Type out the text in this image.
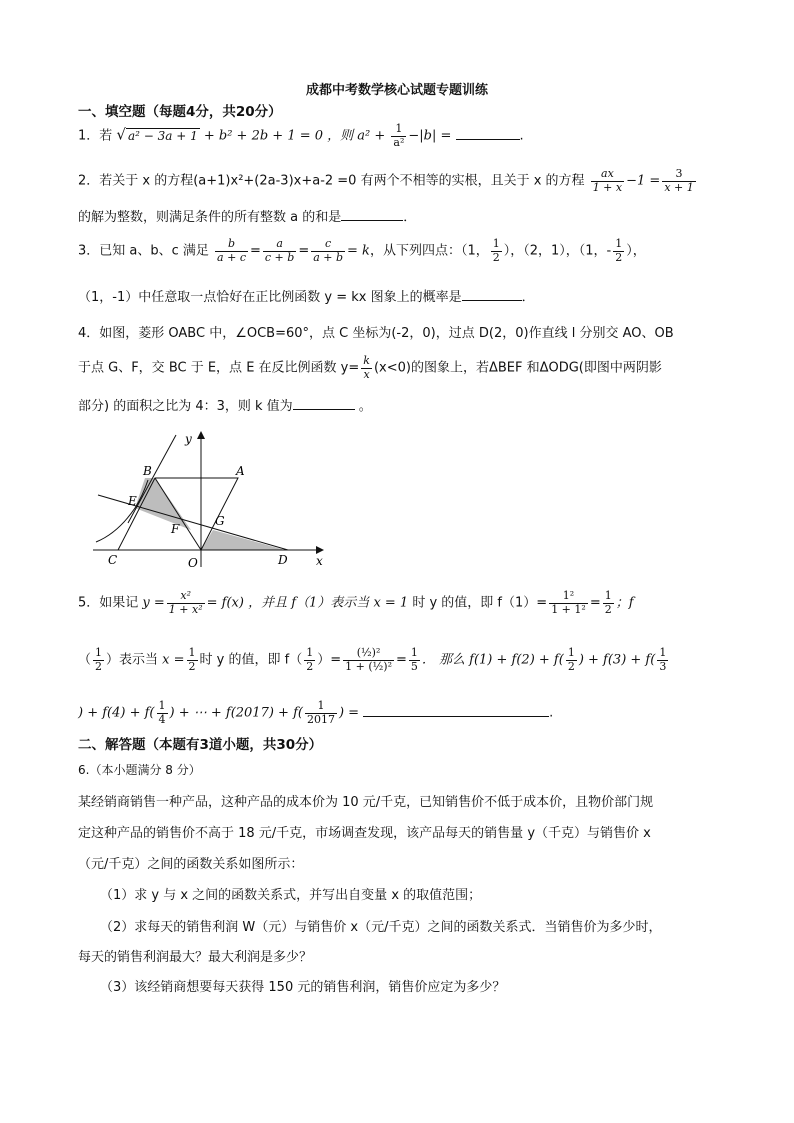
成都中考数学核心试题专题训练
一、填空题（每题4分，共20分）
1．若 √ a² − 3a + 1 + b² + 2b + 1 = 0 ，则 $a^2 + \frac{1}{\text{a²}} -|b|$ =	.
2．若关于 x 的方程(a+1)x²+(2a-3)x+a-2 =0 有两个不相等的实根，且关于 x 的方程 $\frac{ax}{1 + x} -1 = \frac{3}{x + 1}$
的解为整数，则满足条件的所有整数 a 的和是	．
3．已知 a、b、c 满足 $\frac{b}{a + c} = \frac{a}{c + b} = \frac{c}{a + b} = k$，从下列四点：（1， $\frac{1}{2}$ ），（2，1），（1，- $\frac{1}{2}$ ），
（1，-1）中任意取一点恰好在正比例函数 y = kx 图象上的概率是	．
4．如图，菱形 OABC 中，∠OCB=60°，点 C 坐标为(-2，0)，过点 D(2，0)作直线 l 分别交 AO、OB
于点 G、F，交 BC 于 E，点 E 在反比例函数 $y= \frac{k}{x} (x<0)$的图象上，若ΔBEF 和ΔODG(即图中两阴影
部分) 的面积之比为 4：3，则 k 值为	。
y
x
B	A
E
F
G
C	O	D
5．如果记 $y = \frac{\text{x²}}{\text{1 + x²}} = f(x)$ ，并且 f（1）表示当 x = 1 时 y 的值，即 $f(1)= \frac{\text{1²}}{\text{1 + 1²}} = \frac{1}{2}$ ；f
（ $\frac{1}{2}$ ）表示当 $x = \frac{1}{2}$ 时 y 的值，即 $f( \frac{1}{2}$ ）= $\frac{\text{(½)²}}{\text{1 + (½)²}} = \frac{1}{5}$ ． 那么 $f(1) + f(2) + f( \frac{1}{2}$ ) + $f(3) + f( \frac{1}{3}$
) + $f(4) + f( \frac{1}{4}$ ) + ⋯ + $f(2017) + f( \frac{1}{2017}$ ) =	.
二、解答题（本题有3道小题，共30分）
6.（本小题满分 8 分）
某经销商销售一种产品，这种产品的成本价为 10 元/千克，已知销售价不低于成本价，且物价部门规
定这种产品的销售价不高于 18 元/千克，市场调查发现，该产品每天的销售量 y（千克）与销售价 x
（元/千克）之间的函数关系如图所示：
（1）求 y 与 x 之间的函数关系式，并写出自变量 x 的取值范围；
（2）求每天的销售利润 W（元）与销售价 x（元/千克）之间的函数关系式．当销售价为多少时，
每天的销售利润最大？最大利润是多少？
（3）该经销商想要每天获得 150 元的销售利润，销售价应定为多少？
